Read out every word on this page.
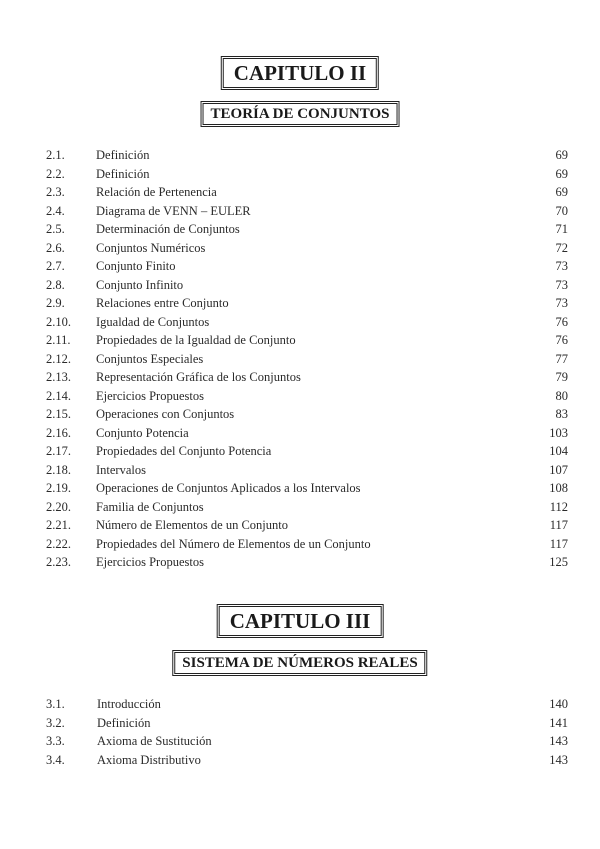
CAPITULO II
TEORÍA DE CONJUNTOS
2.1.	Definición	69
2.2.	Definición	69
2.3.	Relación de Pertenencia	69
2.4.	Diagrama de VENN – EULER	70
2.5.	Determinación de Conjuntos	71
2.6.	Conjuntos Numéricos	72
2.7.	Conjunto Finito	73
2.8.	Conjunto Infinito	73
2.9.	Relaciones entre Conjunto	73
2.10. Igualdad de Conjuntos	76
2.11. Propiedades de la Igualdad de Conjunto	76
2.12. Conjuntos Especiales	77
2.13. Representación Gráfica de los Conjuntos	79
2.14. Ejercicios Propuestos	80
2.15. Operaciones con Conjuntos	83
2.16. Conjunto Potencia	103
2.17. Propiedades del Conjunto Potencia	104
2.18. Intervalos	107
2.19. Operaciones de Conjuntos Aplicados a los Intervalos	108
2.20. Familia de Conjuntos	112
2.21. Número de Elementos de un Conjunto	117
2.22. Propiedades del Número de Elementos de un Conjunto	117
2.23. Ejercicios Propuestos	125
CAPITULO III
SISTEMA DE NÚMEROS REALES
3.1.	Introducción	140
3.2.	Definición	141
3.3.	Axioma de Sustitución	143
3.4.	Axioma Distributivo	143
